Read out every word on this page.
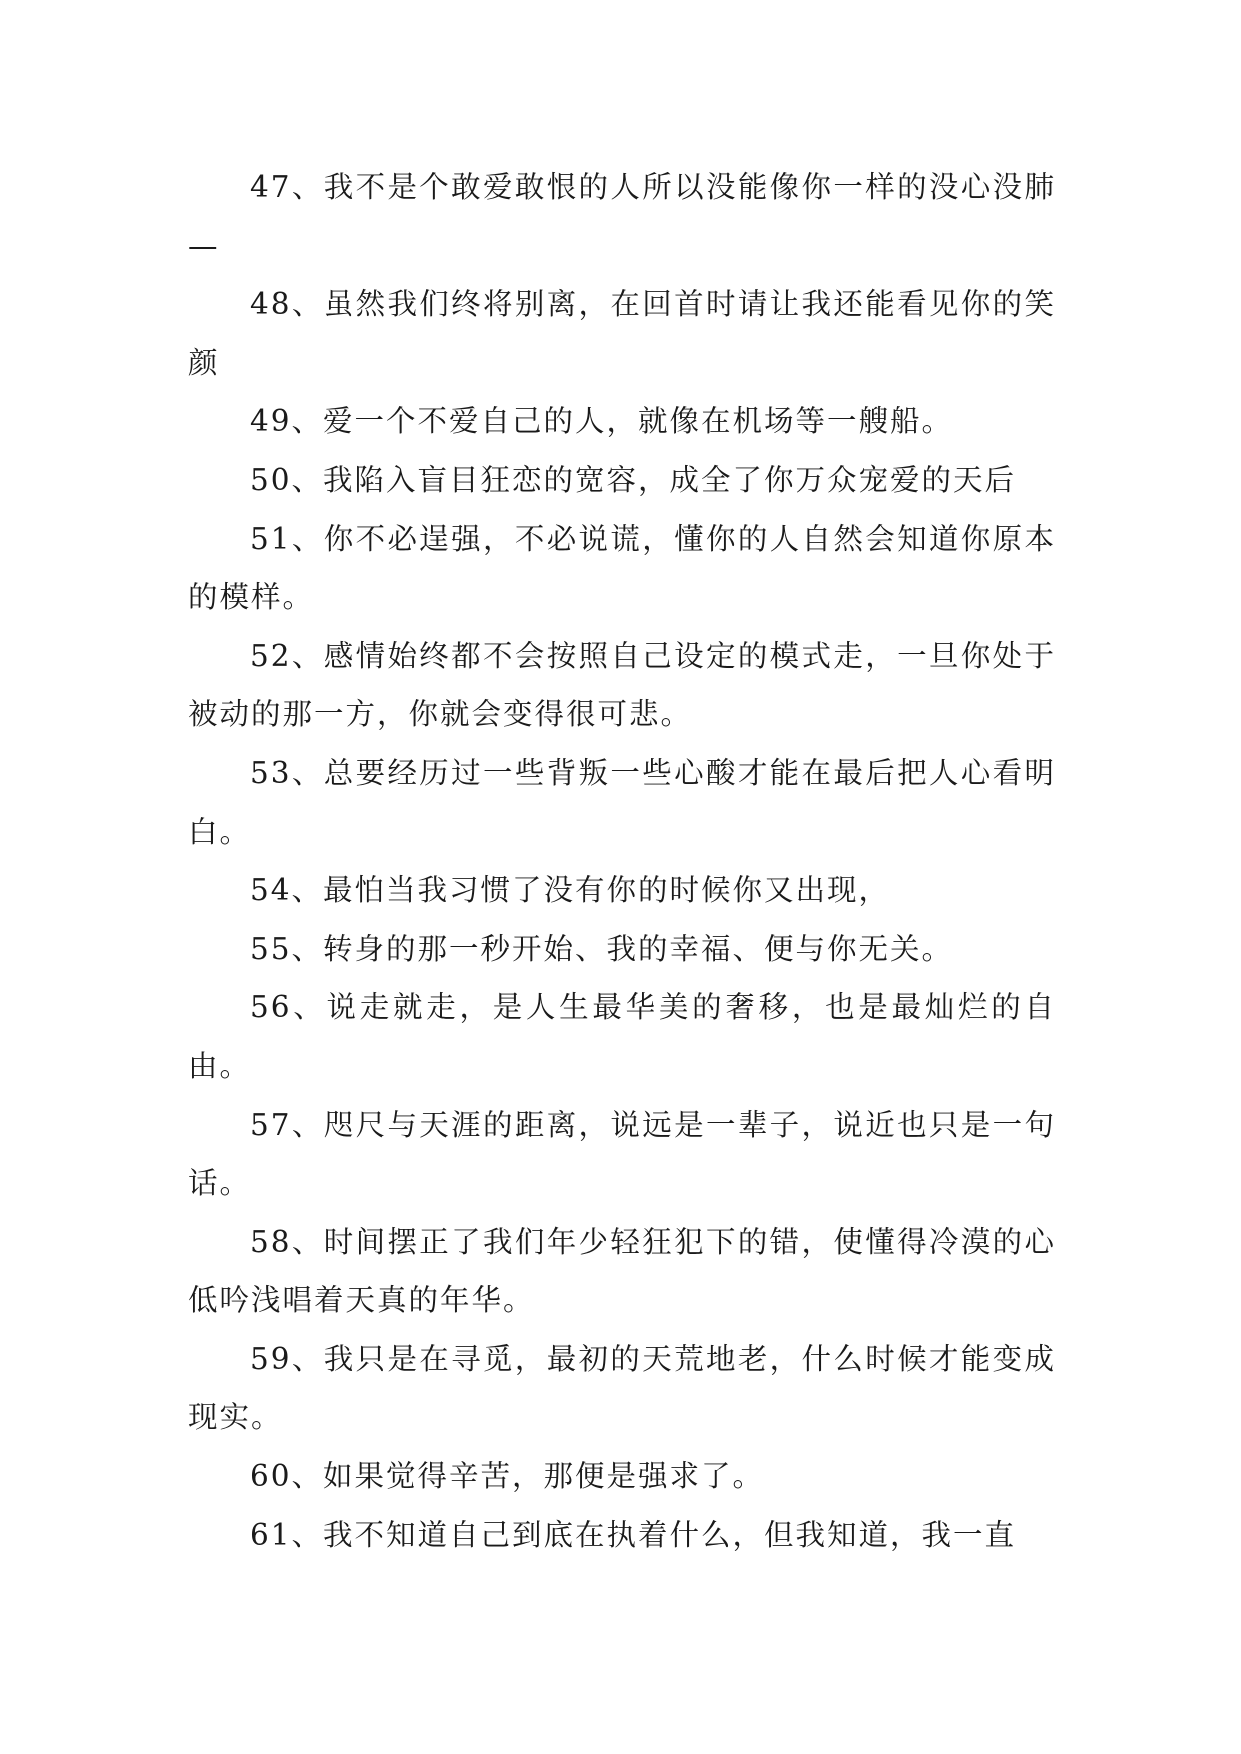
47、我不是个敢爱敢恨的人所以没能像你一样的没心没肺—

48、虽然我们终将别离，在回首时请让我还能看见你的笑颜

49、爱一个不爱自己的人，就像在机场等一艘船。

50、我陷入盲目狂恋的宽容，成全了你万众宠爱的天后

51、你不必逞强，不必说谎，懂你的人自然会知道你原本的模样。

52、感情始终都不会按照自己设定的模式走，一旦你处于被动的那一方，你就会变得很可悲。

53、总要经历过一些背叛一些心酸才能在最后把人心看明白。

54、最怕当我习惯了没有你的时候你又出现，

55、转身的那一秒开始、我的幸福、便与你无关。

56、说走就走，是人生最华美的奢移，也是最灿烂的自由。

57、咫尺与天涯的距离，说远是一辈子，说近也只是一句话。

58、时间摆正了我们年少轻狂犯下的错，使懂得冷漠的心低吟浅唱着天真的年华。

59、我只是在寻觅，最初的天荒地老，什么时候才能变成现实。

60、如果觉得辛苦，那便是强求了。

61、我不知道自己到底在执着什么，但我知道，我一直
